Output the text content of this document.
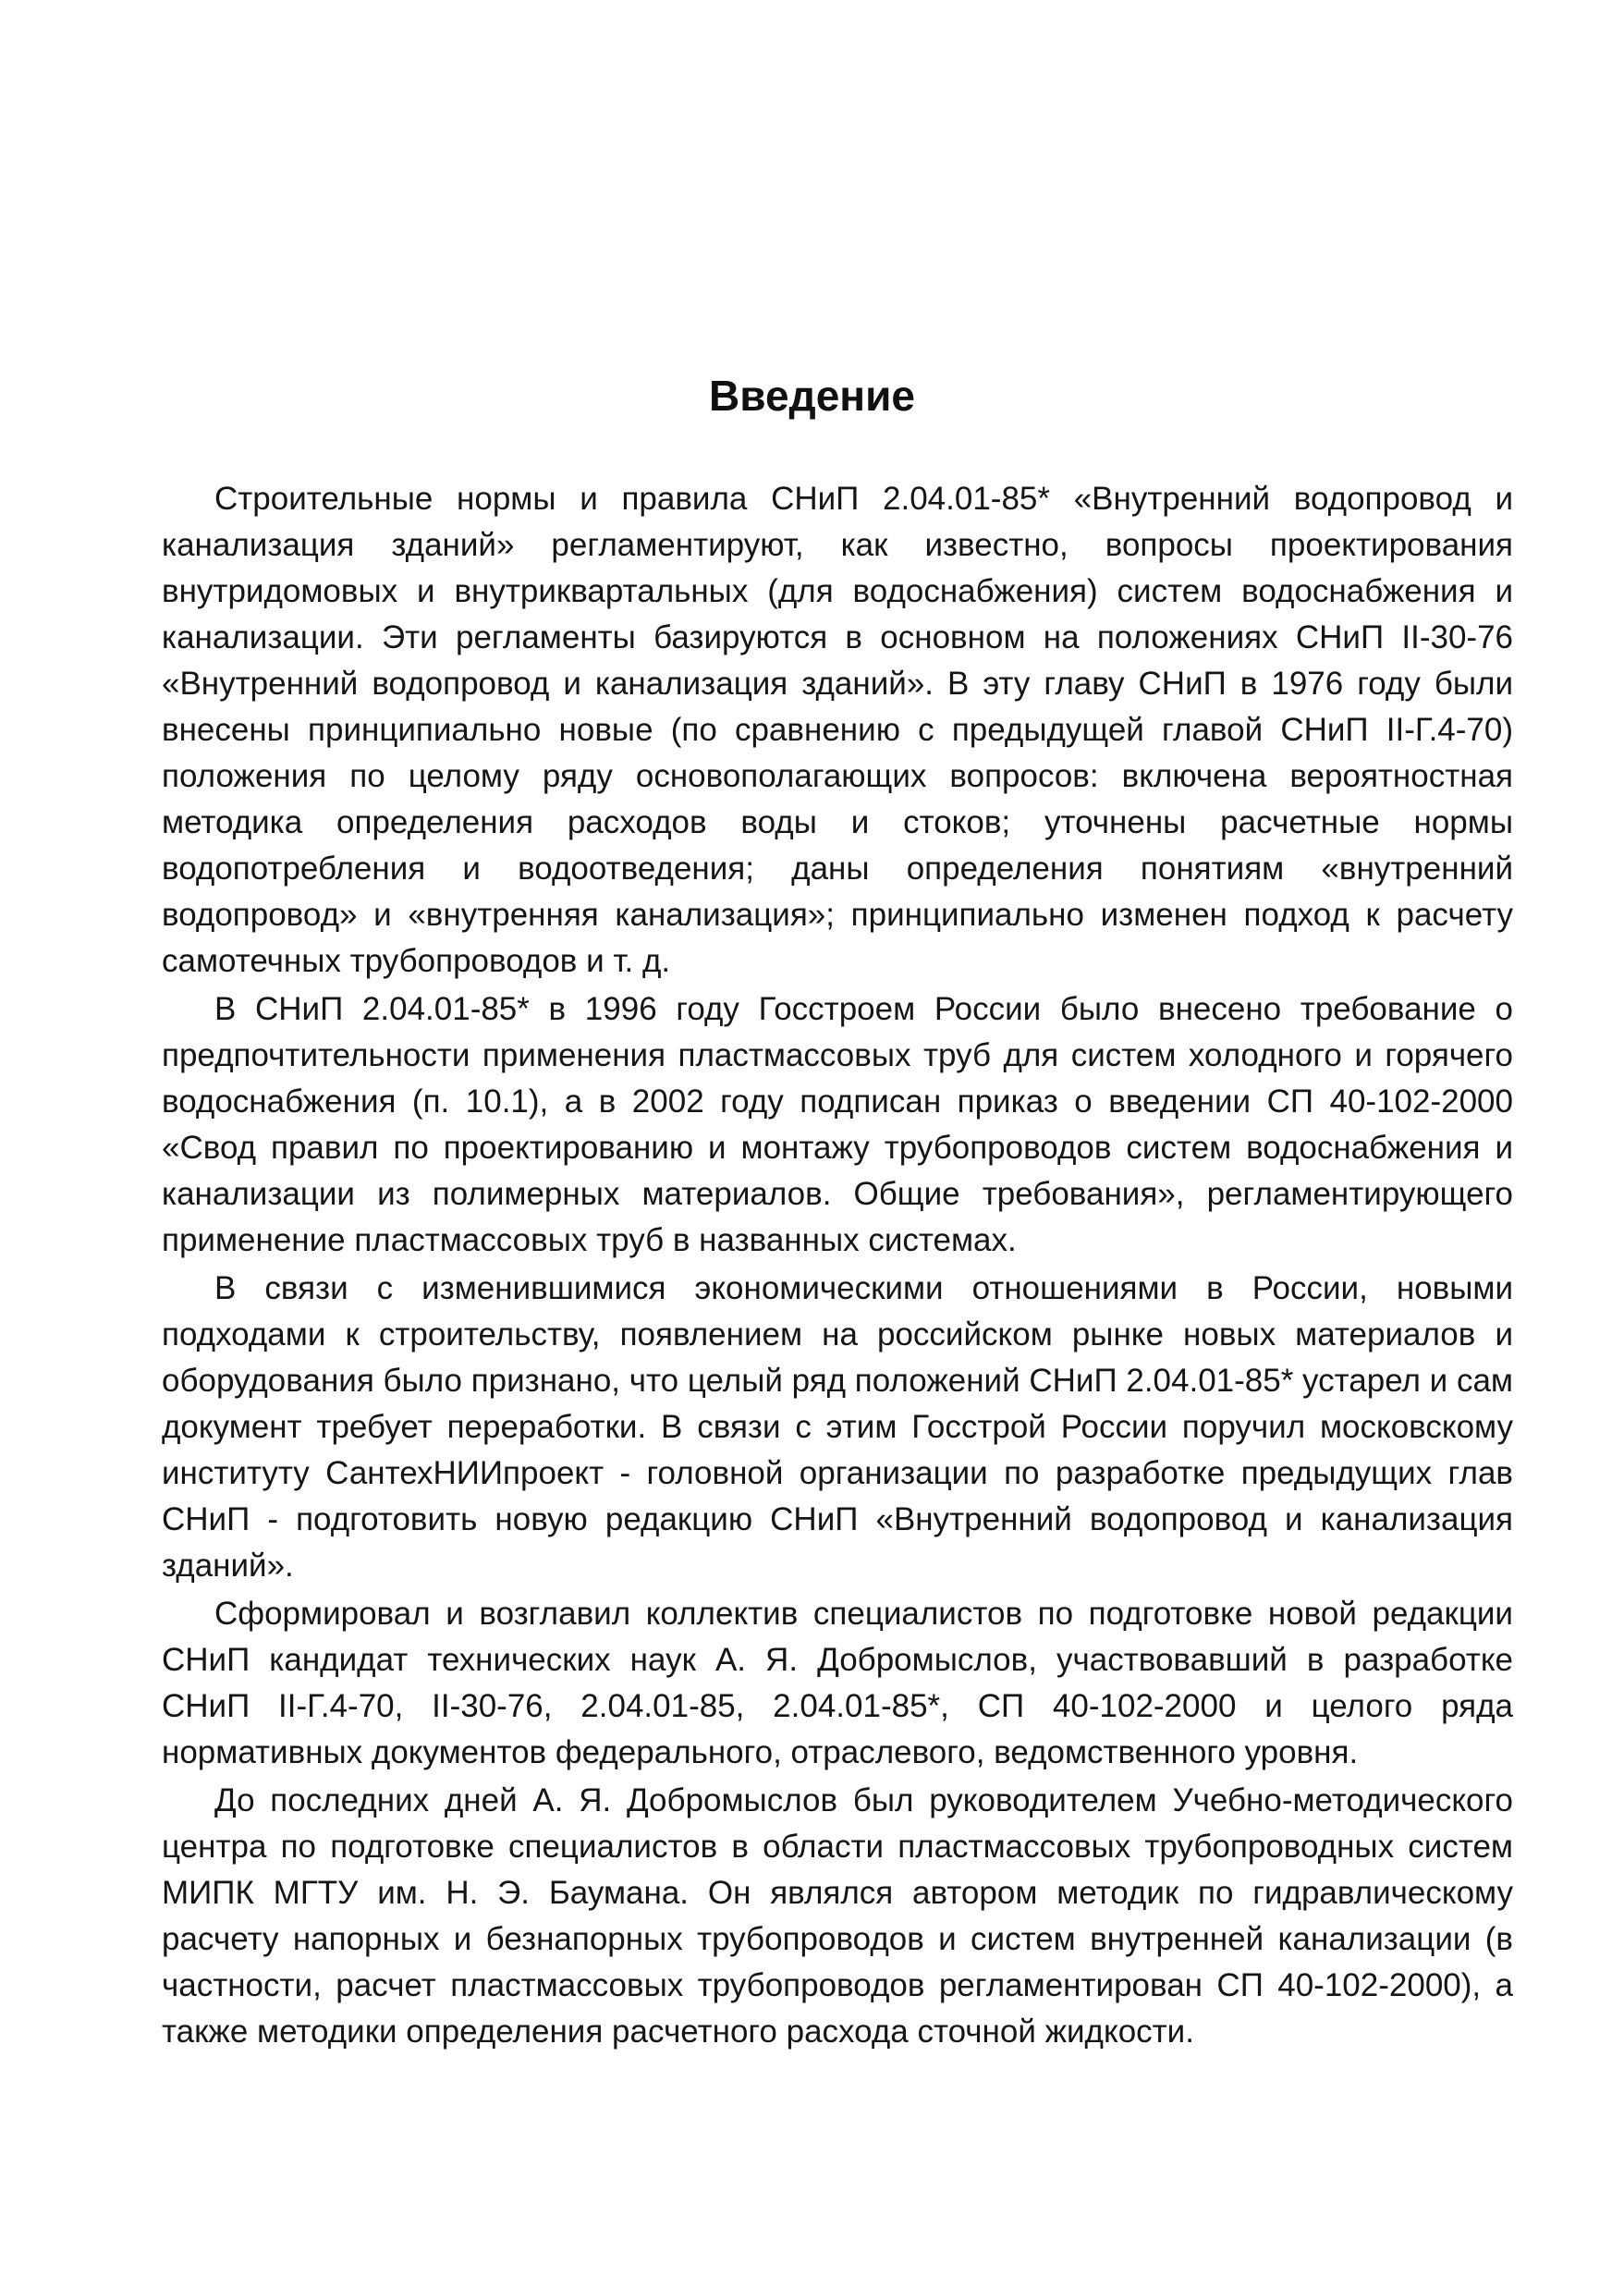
Введение

Строительные нормы и правила СНиП 2.04.01-85* «Внутренний водопровод и канализация зданий» регламентируют, как известно, вопросы проектирования внутридомовых и внутриквартальных (для водоснабжения) систем водоснабжения и канализации. Эти регламенты базируются в основном на положениях СНиП II-30-76 «Внутренний водопровод и канализация зданий». В эту главу СНиП в 1976 году были внесены принципиально новые (по сравнению с предыдущей главой СНиП II-Г.4-70) положения по целому ряду основополагающих вопросов: включена вероятностная методика определения расходов воды и стоков; уточнены расчетные нормы водопотребления и водоотведения; даны определения понятиям «внутренний водопровод» и «внутренняя канализация»; принципиально изменен подход к расчету самотечных трубопроводов и т. д.

В СНиП 2.04.01-85* в 1996 году Госстроем России было внесено требование о предпочтительности применения пластмассовых труб для систем холодного и горячего водоснабжения (п. 10.1), а в 2002 году подписан приказ о введении СП 40-102-2000 «Свод правил по проектированию и монтажу трубопроводов систем водоснабжения и канализации из полимерных материалов. Общие требования», регламентирующего применение пластмассовых труб в названных системах.

В связи с изменившимися экономическими отношениями в России, новыми подходами к строительству, появлением на российском рынке новых материалов и оборудования было признано, что целый ряд положений СНиП 2.04.01-85* устарел и сам документ требует переработки. В связи с этим Госстрой России поручил московскому институту СантехНИИпроект - головной организации по разработке предыдущих глав СНиП - подготовить новую редакцию СНиП «Внутренний водопровод и канализация зданий».

Сформировал и возглавил коллектив специалистов по подготовке новой редакции СНиП кандидат технических наук А. Я. Добромыслов, участвовавший в разработке СНиП II-Г.4-70, II-30-76, 2.04.01-85, 2.04.01-85*, СП 40-102-2000 и целого ряда нормативных документов федерального, отраслевого, ведомственного уровня.

До последних дней А. Я. Добромыслов был руководителем Учебно-методического центра по подготовке специалистов в области пластмассовых трубопроводных систем МИПК МГТУ им. Н. Э. Баумана. Он являлся автором методик по гидравлическому расчету напорных и безнапорных трубопроводов и систем внутренней канализации (в частности, расчет пластмассовых трубопроводов регламентирован СП 40-102-2000), а также методики определения расчетного расхода сточной жидкости.
